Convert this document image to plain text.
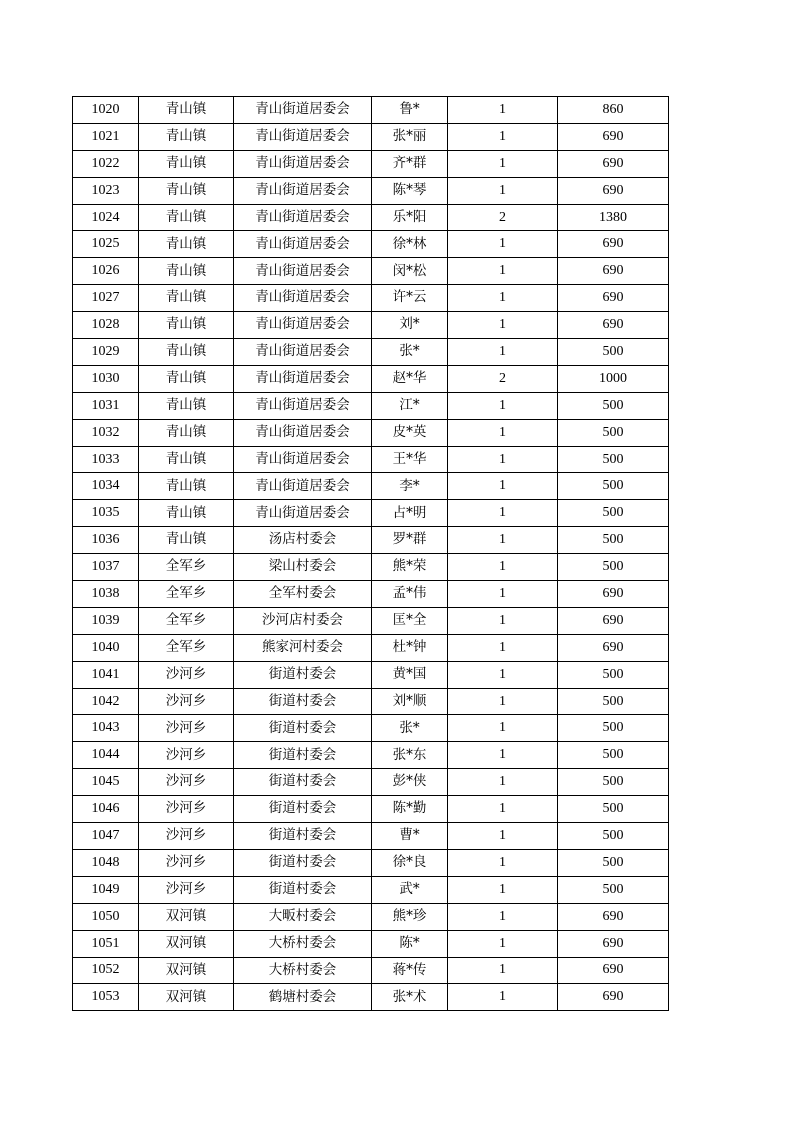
1020	青山镇	青山街道居委会	鲁*	1	860
1021	青山镇	青山街道居委会	张*丽	1	690
1022	青山镇	青山街道居委会	齐*群	1	690
1023	青山镇	青山街道居委会	陈*琴	1	690
1024	青山镇	青山街道居委会	乐*阳	2	1380
1025	青山镇	青山街道居委会	徐*林	1	690
1026	青山镇	青山街道居委会	闵*松	1	690
1027	青山镇	青山街道居委会	许*云	1	690
1028	青山镇	青山街道居委会	刘*	1	690
1029	青山镇	青山街道居委会	张*	1	500
1030	青山镇	青山街道居委会	赵*华	2	1000
1031	青山镇	青山街道居委会	江*	1	500
1032	青山镇	青山街道居委会	皮*英	1	500
1033	青山镇	青山街道居委会	王*华	1	500
1034	青山镇	青山街道居委会	李*	1	500
1035	青山镇	青山街道居委会	占*明	1	500
1036	青山镇	汤店村委会	罗*群	1	500
1037	全军乡	梁山村委会	熊*荣	1	500
1038	全军乡	全军村委会	孟*伟	1	690
1039	全军乡	沙河店村委会	匡*全	1	690
1040	全军乡	熊家河村委会	杜*钟	1	690
1041	沙河乡	街道村委会	黄*国	1	500
1042	沙河乡	街道村委会	刘*顺	1	500
1043	沙河乡	街道村委会	张*	1	500
1044	沙河乡	街道村委会	张*东	1	500
1045	沙河乡	街道村委会	彭*侠	1	500
1046	沙河乡	街道村委会	陈*勤	1	500
1047	沙河乡	街道村委会	曹*	1	500
1048	沙河乡	街道村委会	徐*良	1	500
1049	沙河乡	街道村委会	武*	1	500
1050	双河镇	大畈村委会	熊*珍	1	690
1051	双河镇	大桥村委会	陈*	1	690
1052	双河镇	大桥村委会	蒋*传	1	690
1053	双河镇	鹤塘村委会	张*术	1	690
